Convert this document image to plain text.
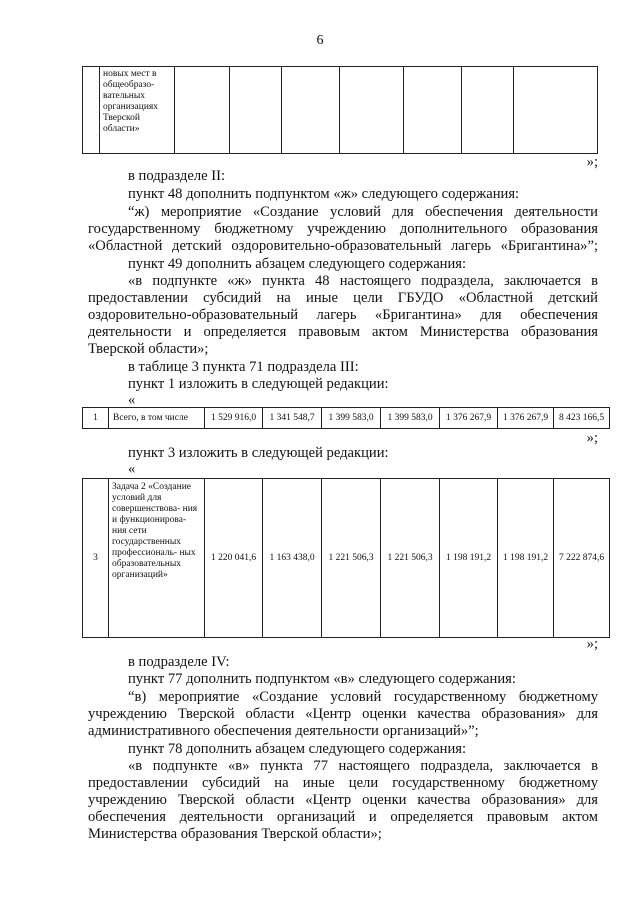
6
	новых мест в
общеобразо-
вательных
организациях
Тверской
области»							
»;
в подразделе II:
пункт 48 дополнить подпунктом «ж» следующего содержания:
“ж) мероприятие «Создание условий для обеспечения деятельности
государственному бюджетному учреждению дополнительного образования
«Областной детский оздоровительно-образовательный лагерь «Бригантина»”;
пункт 49 дополнить абзацем следующего содержания:
«в подпункте «ж» пункта 48 настоящего подраздела, заключается в
предоставлении субсидий на иные цели ГБУДО «Областной детский
оздоровительно-образовательный лагерь «Бригантина» для обеспечения
деятельности и определяется правовым актом Министерства образования
Тверской области»;
в таблице 3 пункта 71 подраздела III:
пункт 1 изложить в следующей редакции:
«
1	Всего, в том числе	1 529 916,0	1 341 548,7	1 399 583,0	1 399 583,0	1 376 267,9	1 376 267,9	8 423 166,5
»;
пункт 3 изложить в следующей редакции:
«
3	Задача 2 «Создание условий для совершенствова- ния и функционирова- ния сети государственных профессиональ- ных образовательных организаций»	1 220 041,6	1 163 438,0	1 221 506,3	1 221 506,3	1 198 191,2	1 198 191,2	7 222 874,6
»;
в подразделе IV:
пункт 77 дополнить подпунктом «в» следующего содержания:
“в) мероприятие «Создание условий государственному бюджетному
учреждению Тверской области «Центр оценки качества образования» для
административного обеспечения деятельности организаций»”;
пункт 78 дополнить абзацем следующего содержания:
«в подпункте «в» пункта 77 настоящего подраздела, заключается в
предоставлении субсидий на иные цели государственному бюджетному
учреждению Тверской области «Центр оценки качества образования» для
обеспечения деятельности организаций и определяется правовым актом
Министерства образования Тверской области»;
